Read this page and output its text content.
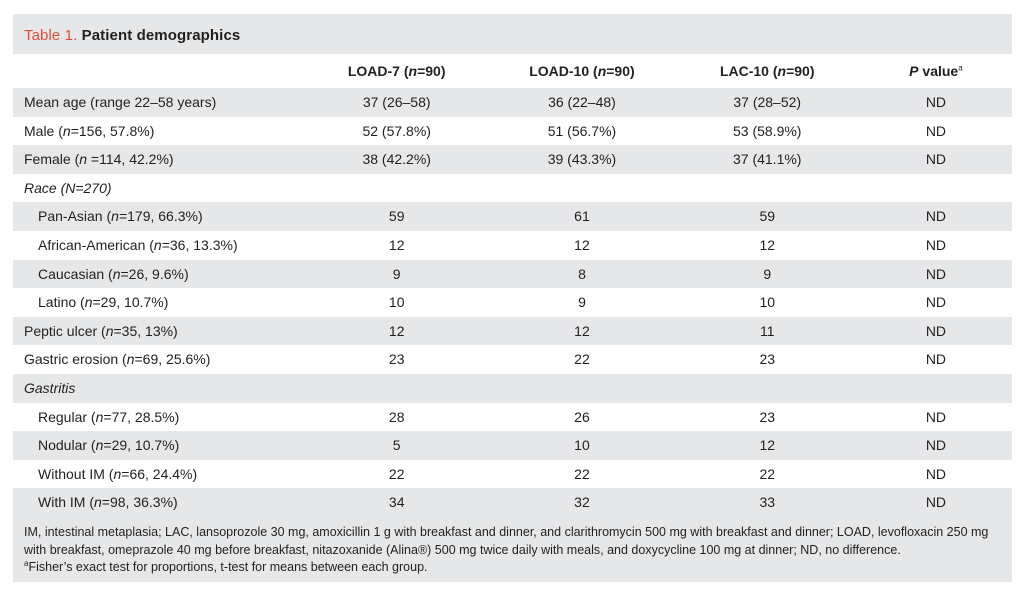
Table 1. Patient demographics
	LOAD-7 (n=90)	LOAD-10 (n=90)	LAC-10 (n=90)	P value$^a$
Mean age (range 22–58 years)	37 (26–58)	36 (22–48)	37 (28–52)	ND
Male (n=156, 57.8%)	52 (57.8%)	51 (56.7%)	53 (58.9%)	ND
Female (n =114, 42.2%)	38 (42.2%)	39 (43.3%)	37 (41.1%)	ND
Race (N=270)				
Pan-Asian (n=179, 66.3%)	59	61	59	ND
African-American (n=36, 13.3%)	12	12	12	ND
Caucasian (n=26, 9.6%)	9	8	9	ND
Latino (n=29, 10.7%)	10	9	10	ND
Peptic ulcer (n=35, 13%)	12	12	11	ND
Gastric erosion (n=69, 25.6%)	23	22	23	ND
Gastritis				
Regular (n=77, 28.5%)	28	26	23	ND
Nodular (n=29, 10.7%)	5	10	12	ND
Without IM (n=66, 24.4%)	22	22	22	ND
With IM (n=98, 36.3%)	34	32	33	ND

IM, intestinal metaplasia; LAC, lansoprozole 30 mg, amoxicillin 1 g with breakfast and dinner, and clarithromycin 500 mg with breakfast and dinner; LOAD, levofloxacin 250 mg with breakfast, omeprazole 40 mg before breakfast, nitazoxanide (Alina®) 500 mg twice daily with meals, and doxycycline 100 mg at dinner; ND, no difference.

$^a$Fisher’s exact test for proportions, t-test for means between each group.
